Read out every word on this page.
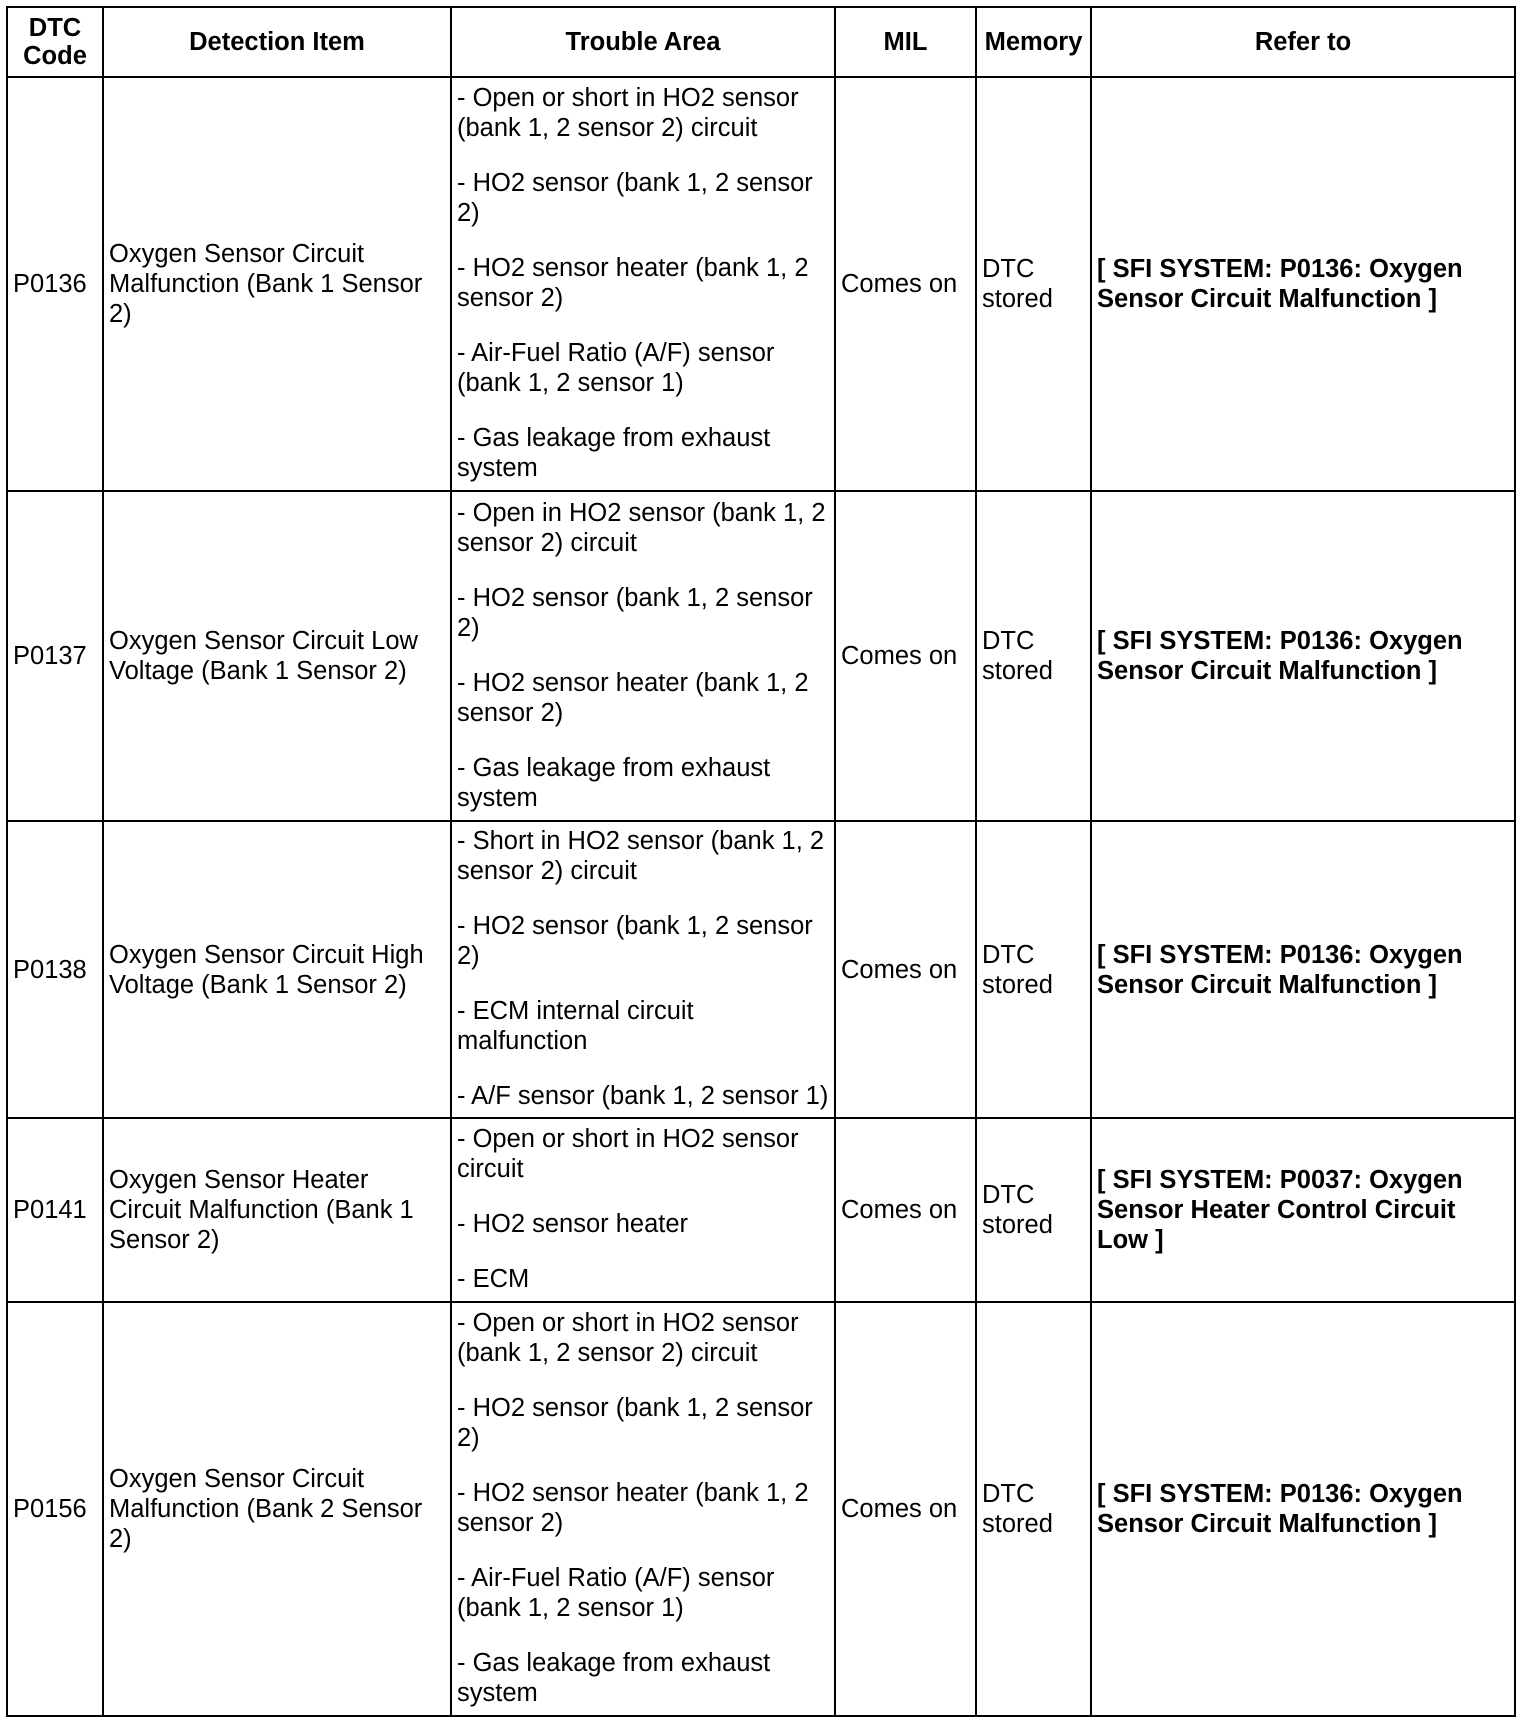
DTC Code	Detection Item	Trouble Area	MIL	Memory	Refer to
P0136	Oxygen Sensor Circuit Malfunction (Bank 1 Sensor 2)	- Open or short in HO2 sensor (bank 1, 2 sensor 2) circuit
- HO2 sensor (bank 1, 2 sensor 2)
- HO2 sensor heater (bank 1, 2 sensor 2)
- Air-Fuel Ratio (A/F) sensor (bank 1, 2 sensor 1)
- Gas leakage from exhaust system	Comes on	DTC stored	[ SFI SYSTEM: P0136: Oxygen Sensor Circuit Malfunction ]
P0137	Oxygen Sensor Circuit Low Voltage (Bank 1 Sensor 2)	- Open in HO2 sensor (bank 1, 2 sensor 2) circuit
- HO2 sensor (bank 1, 2 sensor 2)
- HO2 sensor heater (bank 1, 2 sensor 2)
- Gas leakage from exhaust system	Comes on	DTC stored	[ SFI SYSTEM: P0136: Oxygen Sensor Circuit Malfunction ]
P0138	Oxygen Sensor Circuit High Voltage (Bank 1 Sensor 2)	- Short in HO2 sensor (bank 1, 2 sensor 2) circuit
- HO2 sensor (bank 1, 2 sensor 2)
- ECM internal circuit malfunction
- A/F sensor (bank 1, 2 sensor 1)	Comes on	DTC stored	[ SFI SYSTEM: P0136: Oxygen Sensor Circuit Malfunction ]
P0141	Oxygen Sensor Heater Circuit Malfunction (Bank 1 Sensor 2)	- Open or short in HO2 sensor circuit
- HO2 sensor heater
- ECM	Comes on	DTC stored	[ SFI SYSTEM: P0037: Oxygen Sensor Heater Control Circuit Low ]
P0156	Oxygen Sensor Circuit Malfunction (Bank 2 Sensor 2)	- Open or short in HO2 sensor (bank 1, 2 sensor 2) circuit
- HO2 sensor (bank 1, 2 sensor 2)
- HO2 sensor heater (bank 1, 2 sensor 2)
- Air-Fuel Ratio (A/F) sensor (bank 1, 2 sensor 1)
- Gas leakage from exhaust system	Comes on	DTC stored	[ SFI SYSTEM: P0136: Oxygen Sensor Circuit Malfunction ]
